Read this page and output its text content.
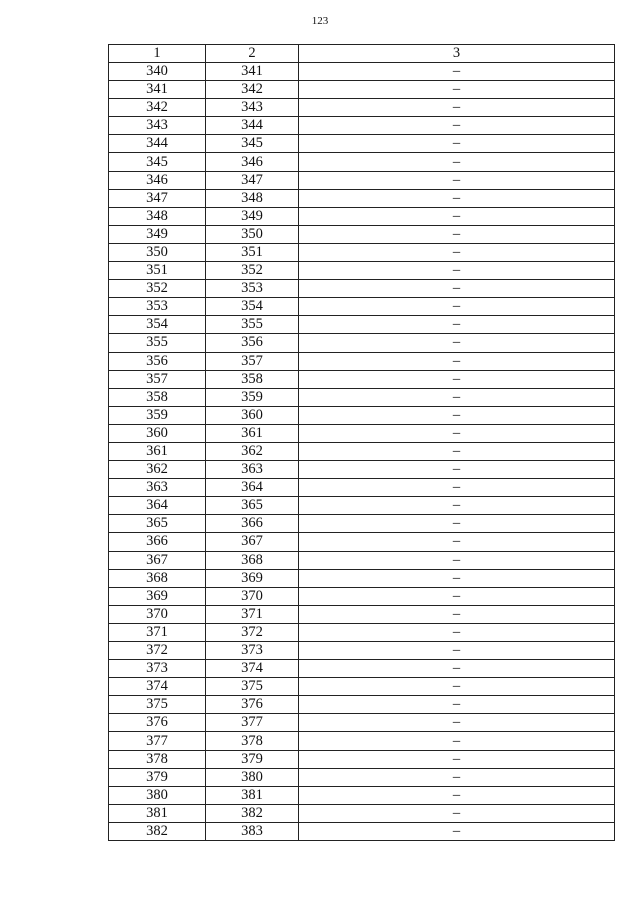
123
1	2	3
340	341	–
341	342	–
342	343	–
343	344	–
344	345	–
345	346	–
346	347	–
347	348	–
348	349	–
349	350	–
350	351	–
351	352	–
352	353	–
353	354	–
354	355	–
355	356	–
356	357	–
357	358	–
358	359	–
359	360	–
360	361	–
361	362	–
362	363	–
363	364	–
364	365	–
365	366	–
366	367	–
367	368	–
368	369	–
369	370	–
370	371	–
371	372	–
372	373	–
373	374	–
374	375	–
375	376	–
376	377	–
377	378	–
378	379	–
379	380	–
380	381	–
381	382	–
382	383	–
